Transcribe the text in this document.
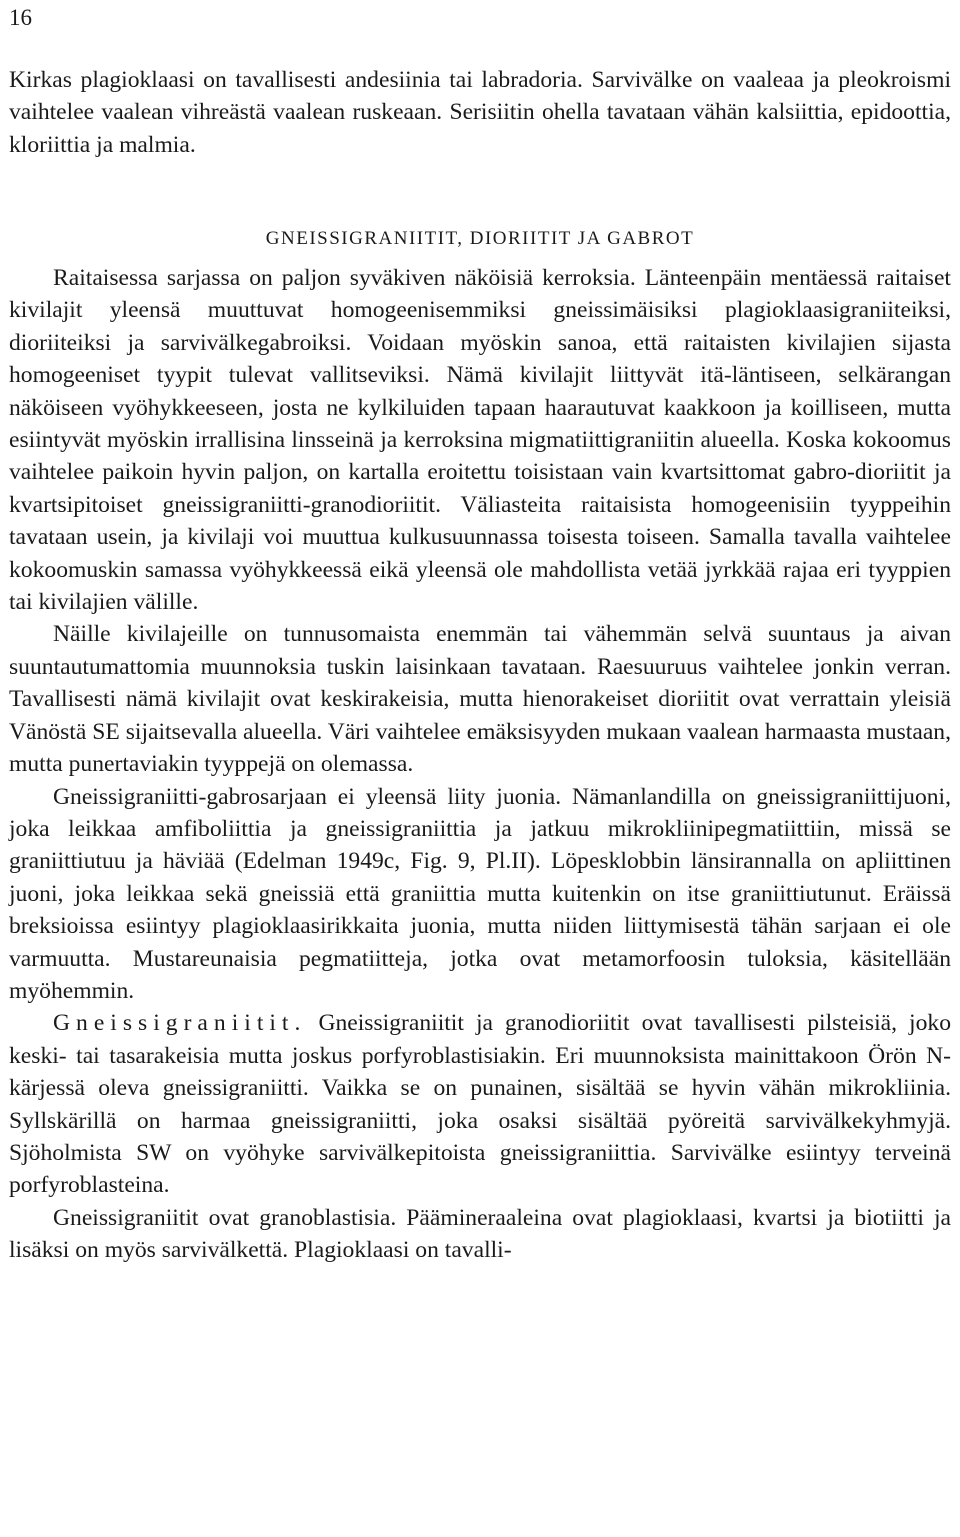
16

Kirkas plagioklaasi on tavallisesti andesiinia tai labradoria. Sarvivälke on vaaleaa ja pleokroismi vaihtelee vaalean vihreästä vaalean ruskeaan. Serisiitin ohella tavataan vähän kalsiittia, epidoottia, kloriittia ja malmia.

GNEISSIGRANIITIT, DIORIITIT JA GABROT

Raitaisessa sarjassa on paljon syväkiven näköisiä kerroksia. Länteenpäin mentäessä raitaiset kivilajit yleensä muuttuvat homogeenisemmiksi gneissimäisiksi plagioklaasigraniiteiksi, dioriiteiksi ja sarvivälkegabroiksi. Voidaan myöskin sanoa, että raitaisten kivilajien sijasta homogeeniset tyypit tulevat vallitseviksi. Nämä kivilajit liittyvät itä-läntiseen, selkärangan näköiseen vyöhykkeeseen, josta ne kylkiluiden tapaan haarautuvat kaakkoon ja koilliseen, mutta esiintyvät myöskin irrallisina linsseinä ja kerroksina migmatiittigraniitin alueella. Koska kokoomus vaihtelee paikoin hyvin paljon, on kartalla eroitettu toisistaan vain kvartsittomat gabro-dioriitit ja kvartsipitoiset gneissigraniitti-granodioriitit. Väliasteita raitaisista homogeenisiin tyyppeihin tavataan usein, ja kivilaji voi muuttua kulkusuunnassa toisesta toiseen. Samalla tavalla vaihtelee kokoomuskin samassa vyöhykkeessä eikä yleensä ole mahdollista vetää jyrkkää rajaa eri tyyppien tai kivilajien välille.

Näille kivilajeille on tunnusomaista enemmän tai vähemmän selvä suuntaus ja aivan suuntautumattomia muunnoksia tuskin laisinkaan tavataan. Raesuuruus vaihtelee jonkin verran. Tavallisesti nämä kivilajit ovat keskirakeisia, mutta hienorakeiset dioriitit ovat verrattain yleisiä Vänöstä SE sijaitsevalla alueella. Väri vaihtelee emäksisyyden mukaan vaalean harmaasta mustaan, mutta punertaviakin tyyppejä on olemassa.

Gneissigraniitti-gabrosarjaan ei yleensä liity juonia. Nämanlandilla on gneissigraniittijuoni, joka leikkaa amfiboliittia ja gneissigraniittia ja jatkuu mikrokliinipegmatiittiin, missä se graniittiutuu ja häviää (Edelman 1949c, Fig. 9, Pl.II). Löpesklobbin länsirannalla on apliittinen juoni, joka leikkaa sekä gneissiä että graniittia mutta kuitenkin on itse graniittiutunut. Eräissä breksioissa esiintyy plagioklaasirikkaita juonia, mutta niiden liittymisestä tähän sarjaan ei ole varmuutta. Mustareunaisia pegmatiitteja, jotka ovat metamorfoosin tuloksia, käsitellään myöhemmin.

Gneissigraniitit. Gneissigraniitit ja granodioriitit ovat tavallisesti pilsteisiä, joko keski- tai tasarakeisia mutta joskus porfyroblastisiakin. Eri muunnoksista mainittakoon Örön N-kärjessä oleva gneissigraniitti. Vaikka se on punainen, sisältää se hyvin vähän mikrokliinia. Syllskärillä on harmaa gneissigraniitti, joka osaksi sisältää pyöreitä sarvivälkekyhmyjä. Sjöholmista SW on vyöhyke sarvivälkepitoista gneissigraniittia. Sarvivälke esiintyy terveinä porfyroblasteina.

Gneissigraniitit ovat granoblastisia. Päämineraaleina ovat plagioklaasi, kvartsi ja biotiitti ja lisäksi on myös sarvivälkettä. Plagioklaasi on tavalli-
